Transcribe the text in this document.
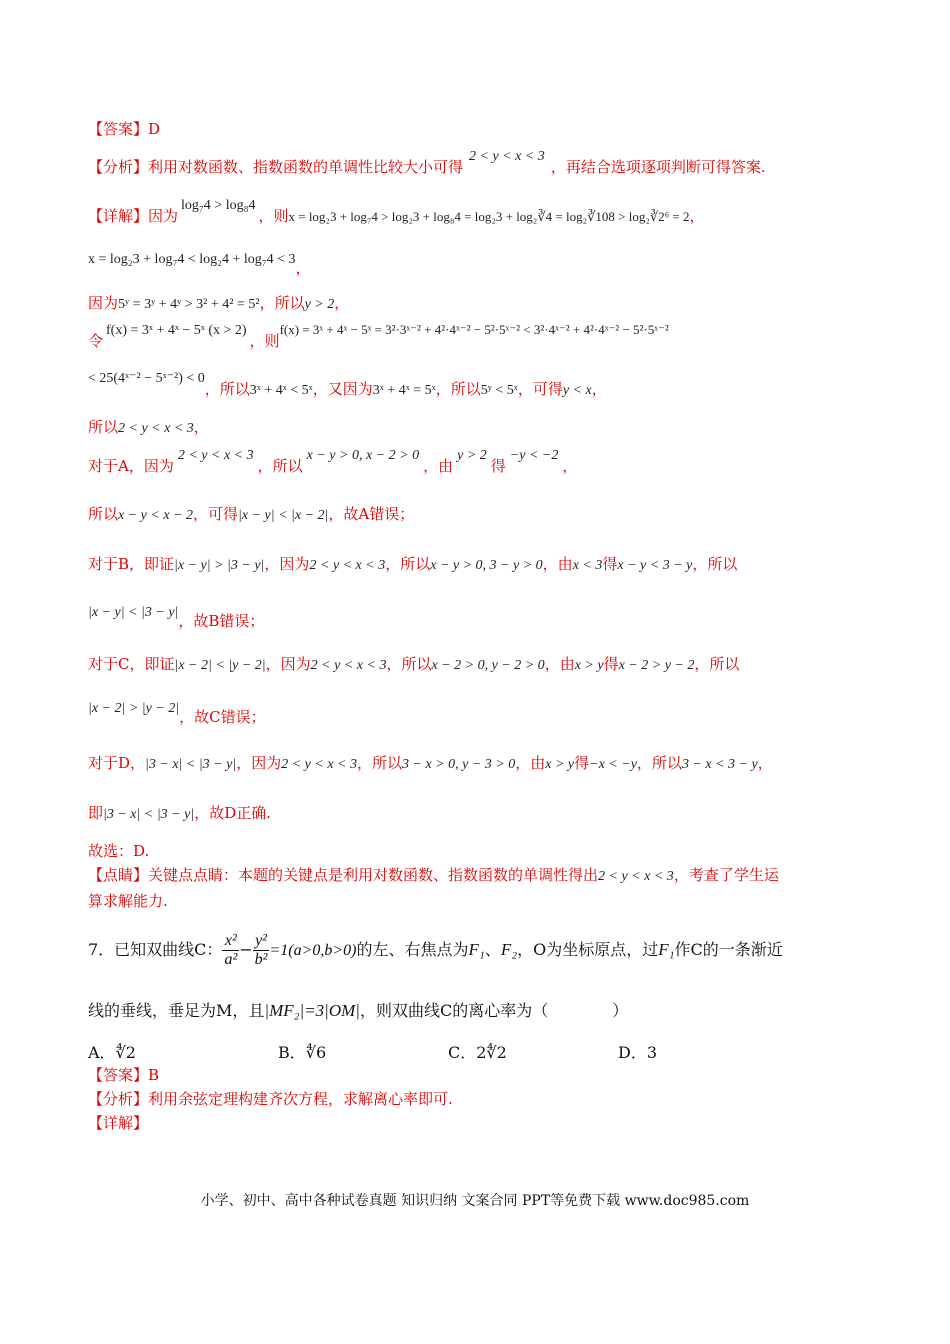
【答案】D
【分析】利用对数函数、指数函数的单调性比较大小可得2 < y < x < 3，再结合选项逐项判断可得答案.
【详解】因为log₇4 > log₈4，则x = log₂3 + log₇4 > log₂3 + log₈4 = log₂3 + log₂∛4 = log₂∛108 > log₂∛2⁶ = 2，
x = log₂3 + log₇4 < log₂4 + log₇4 < 3，
因为5ʸ = 3ʸ + 4ʸ > 3² + 4² = 5²，所以y > 2，
令f(x) = 3ˣ + 4ˣ − 5ˣ (x > 2)，则f(x) = 3ˣ + 4ˣ − 5ˣ = 3²·3ˣ⁻² + 4²·4ˣ⁻² − 5²·5ˣ⁻² < 3²·4ˣ⁻² + 4²·4ˣ⁻² − 5²·5ˣ⁻²
< 25(4ˣ⁻² − 5ˣ⁻²) < 0，所以3ˣ + 4ˣ < 5ˣ，又因为3ˣ + 4ˣ = 5ˣ，所以5ʸ < 5ˣ，可得y < x，
所以2 < y < x < 3，
对于A，因为2 < y < x < 3，所以x − y > 0, x − 2 > 0，由y > 2得−y < −2，
所以x − y < x − 2，可得|x − y| < |x − 2|，故A错误；
对于B，即证|x − y| > |3 − y|，因为2 < y < x < 3，所以x − y > 0, 3 − y > 0，由x < 3得x − y < 3 − y，所以
|x − y| < |3 − y|，故B错误；
对于C，即证|x − 2| < |y − 2|，因为2 < y < x < 3，所以x − 2 > 0, y − 2 > 0，由x > y得x − 2 > y − 2，所以
|x − 2| > |y − 2|，故C错误；
对于D，|3 − x| < |3 − y|，因为2 < y < x < 3，所以3 − x > 0, y − 3 > 0，由x > y得−x < −y，所以3 − x < 3 − y，
即|3 − x| < |3 − y|，故D正确.
故选：D.
【点睛】关键点点睛：本题的关键点是利用对数函数、指数函数的单调性得出2 < y < x < 3，考查了学生运
算求解能力.
7．已知双曲线C： $\frac{\text{x²}}{\text{a²}} - \frac{\text{y²}}{\text{b²}} =1(a>0,b>0)$的左、右焦点为F₁、F₂，O为坐标原点，过F₁作C的一条渐近
线的垂线，垂足为M，且|MF₂|=3|OM|，则双曲线C的离心率为（　　　　）
A．∜2	B．∜6	C．2∜2	D．3
【答案】B
【分析】利用余弦定理构建齐次方程，求解离心率即可.
【详解】
小学、初中、高中各种试卷真题 知识归纳 文案合同 PPT等免费下载 www.doc985.com
